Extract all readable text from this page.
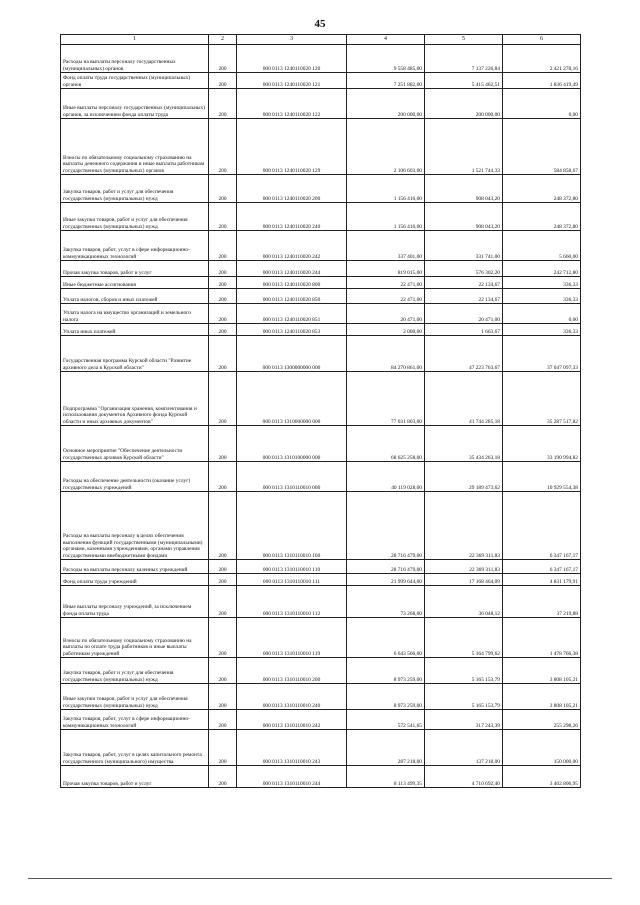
45
1	2	3	4	5	6
Расходы на выплаты персоналу государственных (муниципальных) органов	200	000 0113 1240110020 120	9 558 485,00	7 137 226,84	2 421 278,16
Фонд оплаты труда государственных (муниципальных) органов	200	000 0113 1240110020 121	7 251 882,00	5 415 462,51	1 836 419,49
Иные выплаты персоналу государственных (муниципальных) органов, за исключением фонда оплаты труда	200	000 0113 1240110020 122	200 000,00	200 000,00	0,00
Взносы по обязательному социальному страхованию на выплаты денежного содержания и иные выплаты работникам государственных (муниципальных) органов	200	000 0113 1240110020 129	2 106 603,00	1 521 744,33	584 858,67
Закупка товаров, работ и услуг для обеспечения государственных (муниципальных) нужд	200	000 0113 1240110020 200	1 156 416,00	908 043,20	248 372,80
Иные закупки товаров, работ и услуг для обеспечения государственных (муниципальных) нужд	200	000 0113 1240110020 240	1 156 416,00	908 043,20	248 372,80
Закупка товаров, работ, услуг в сфере информационно-коммуникационных технологий	200	000 0113 1240110020 242	337 401,00	331 741,00	5 660,00
Прочая закупка товаров, работ и услуг	200	000 0113 1240110020 244	819 015,00	576 302,20	242 712,80
Иные бюджетные ассигнования	200	000 0113 1240110020 800	22 471,00	22 134,67	336,33
Уплата налогов, сборов и иных платежей	200	000 0113 1240110020 850	22 471,00	22 134,67	336,33
Уплата налога на имущество организаций и земельного налога	200	000 0113 1240110020 851	20 471,00	20 471,00	0,00
Уплата иных платежей	200	000 0113 1240110020 853	2 000,00	1 663,67	336,33
Государственная программа Курской области "Развитие архивного дела в Курской области"	200	000 0113 1300000000 000	84 270 861,00	47 223 763,67	37 047 097,33
Подпрограмма "Организация хранения, комплектования и использования документов Архивного фонда Курской области и иных архивных документов"	200	000 0113 1310000000 000	77 031 803,00	41 744 285,18	35 287 517,82
Основное мероприятие "Обеспечение деятельности государственных архивов Курской области"	200	000 0113 1310100000 000	68 625 258,00	35 434 263,18	33 190 994,82
Расходы на обеспечение деятельности (оказание услуг) государственных учреждений	200	000 0113 1310110010 000	40 119 028,00	29 189 473,62	10 929 554,38
Расходы на выплаты персоналу в целях обеспечения выполнения функций государственными (муниципальными) органами, казенными учреждениями, органами управления государственными внебюджетными фондами	200	000 0113 1310110010 100	28 716 479,00	22 369 311,83	6 347 167,17
Расходы на выплаты персоналу казенных учреждений	200	000 0113 1310110010 110	28 716 479,00	22 369 311,83	6 347 167,17
Фонд оплаты труда учреждений	200	000 0113 1310110010 111	21 999 644,00	17 168 464,09	4 831 179,91
Иные выплаты персоналу учреждений, за исключением фонда оплаты труда	200	000 0113 1310110010 112	73 268,00	36 048,12	37 219,88
Взносы по обязательному социальному страхованию на выплаты по оплате труда работников и иные выплаты работникам учреждений	200	000 0113 1310110010 119	6 643 566,00	5 164 799,62	1 478 766,38
Закупка товаров, работ и услуг для обеспечения государственных (муниципальных) нужд	200	000 0113 1310110010 200	8 973 259,00	5 165 153,79	3 808 105,21
Иные закупки товаров, работ и услуг для обеспечения государственных (муниципальных) нужд	200	000 0113 1310110010 240	8 973 259,00	5 165 153,79	3 808 105,21
Закупка товаров, работ, услуг в сфере информационно-коммуникационных технологий	200	000 0113 1310110010 242	572 541,65	317 243,39	255 298,26
Закупка товаров, работ, услуг в целях капитального ремонта государственного (муниципального) имущества	200	000 0113 1310110010 243	287 218,00	137 218,00	150 000,00
Прочая закупка товаров, работ и услуг	200	000 0113 1310110010 244	8 113 499,35	4 710 692,40	3 402 806,95
